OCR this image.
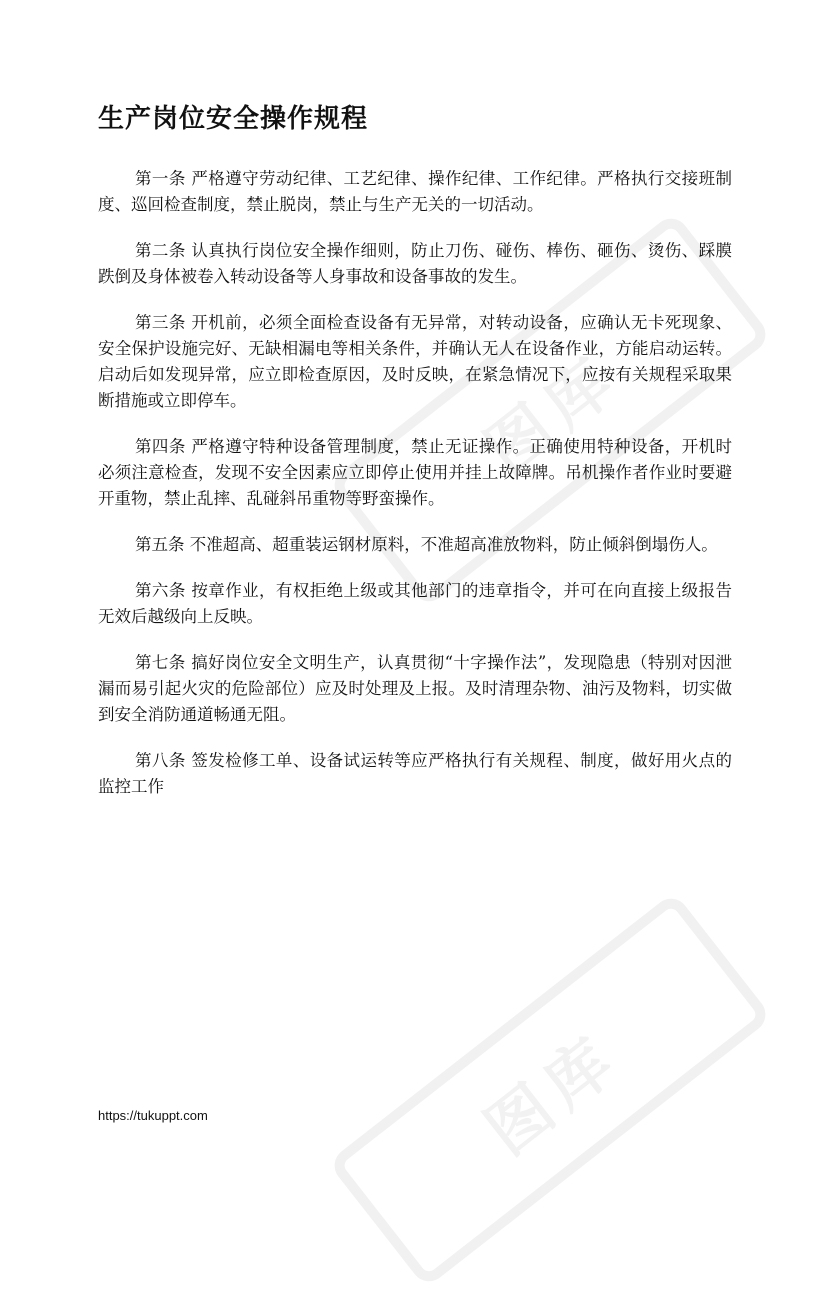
图库
图库
生产岗位安全操作规程

第一条 严格遵守劳动纪律、工艺纪律、操作纪律、工作纪律。严格执行交接班制度、巡回检查制度，禁止脱岗，禁止与生产无关的一切活动。

第二条 认真执行岗位安全操作细则，防止刀伤、碰伤、棒伤、砸伤、烫伤、踩膜跌倒及身体被卷入转动设备等人身事故和设备事故的发生。

第三条 开机前，必须全面检查设备有无异常，对转动设备，应确认无卡死现象、安全保护设施完好、无缺相漏电等相关条件，并确认无人在设备作业，方能启动运转。启动后如发现异常，应立即检查原因，及时反映，在紧急情况下，应按有关规程采取果断措施或立即停车。

第四条 严格遵守特种设备管理制度，禁止无证操作。正确使用特种设备，开机时必须注意检查，发现不安全因素应立即停止使用并挂上故障牌。吊机操作者作业时要避开重物，禁止乱摔、乱碰斜吊重物等野蛮操作。

第五条 不准超高、超重装运钢材原料，不准超高准放物料，防止倾斜倒塌伤人。

第六条 按章作业，有权拒绝上级或其他部门的违章指令，并可在向直接上级报告无效后越级向上反映。

第七条 搞好岗位安全文明生产，认真贯彻“十字操作法”，发现隐患（特别对因泄漏而易引起火灾的危险部位）应及时处理及上报。及时清理杂物、油污及物料，切实做到安全消防通道畅通无阻。

第八条 签发检修工单、设备试运转等应严格执行有关规程、制度，做好用火点的监控工作

https://tukuppt.com
